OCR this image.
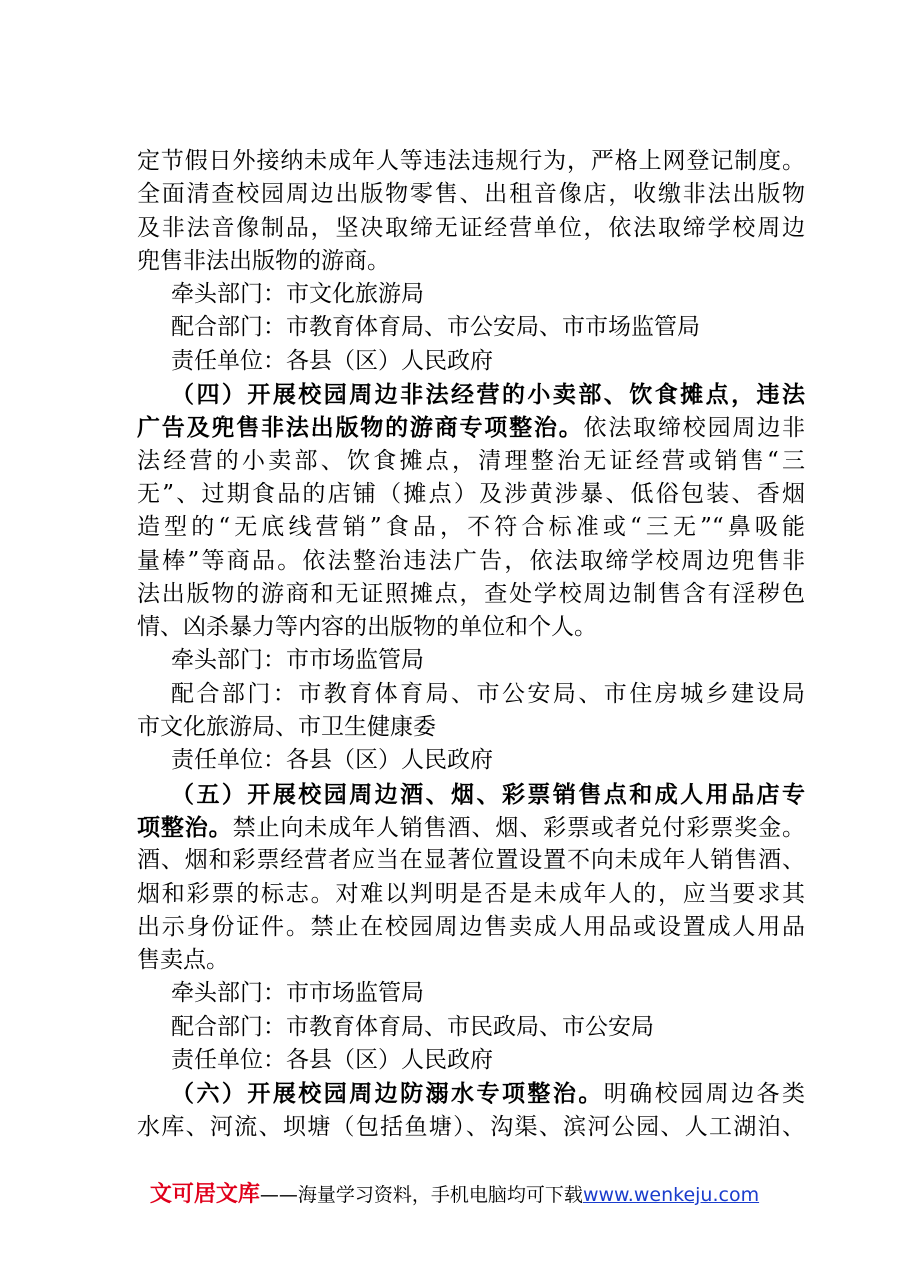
定节假日外接纳未成年人等违法违规行为，严格上网登记制度。
全面清查校园周边出版物零售、出租音像店，收缴非法出版物
及非法音像制品，坚决取缔无证经营单位，依法取缔学校周边
兜售非法出版物的游商。
牵头部门：市文化旅游局
配合部门：市教育体育局、市公安局、市市场监管局
责任单位：各县（区）人民政府
（四）开展校园周边非法经营的小卖部、饮食摊点，违法
广告及兜售非法出版物的游商专项整治。依法取缔校园周边非
法经营的小卖部、饮食摊点，清理整治无证经营或销售“三
无”、过期食品的店铺（摊点）及涉黄涉暴、低俗包装、香烟
造型的“无底线营销”食品，不符合标准或“三无”“鼻吸能
量棒”等商品。依法整治违法广告，依法取缔学校周边兜售非
法出版物的游商和无证照摊点，查处学校周边制售含有淫秽色
情、凶杀暴力等内容的出版物的单位和个人。
牵头部门：市市场监管局
配合部门：市教育体育局、市公安局、市住房城乡建设局
市文化旅游局、市卫生健康委
责任单位：各县（区）人民政府
（五）开展校园周边酒、烟、彩票销售点和成人用品店专
项整治。禁止向未成年人销售酒、烟、彩票或者兑付彩票奖金。
酒、烟和彩票经营者应当在显著位置设置不向未成年人销售酒、
烟和彩票的标志。对难以判明是否是未成年人的，应当要求其
出示身份证件。禁止在校园周边售卖成人用品或设置成人用品
售卖点。
牵头部门：市市场监管局
配合部门：市教育体育局、市民政局、市公安局
责任单位：各县（区）人民政府
（六）开展校园周边防溺水专项整治。明确校园周边各类
水库、河流、坝塘（包括鱼塘）、沟渠、滨河公园、人工湖泊、
文可居文库——海量学习资料，手机电脑均可下载www.wenkeju.com
